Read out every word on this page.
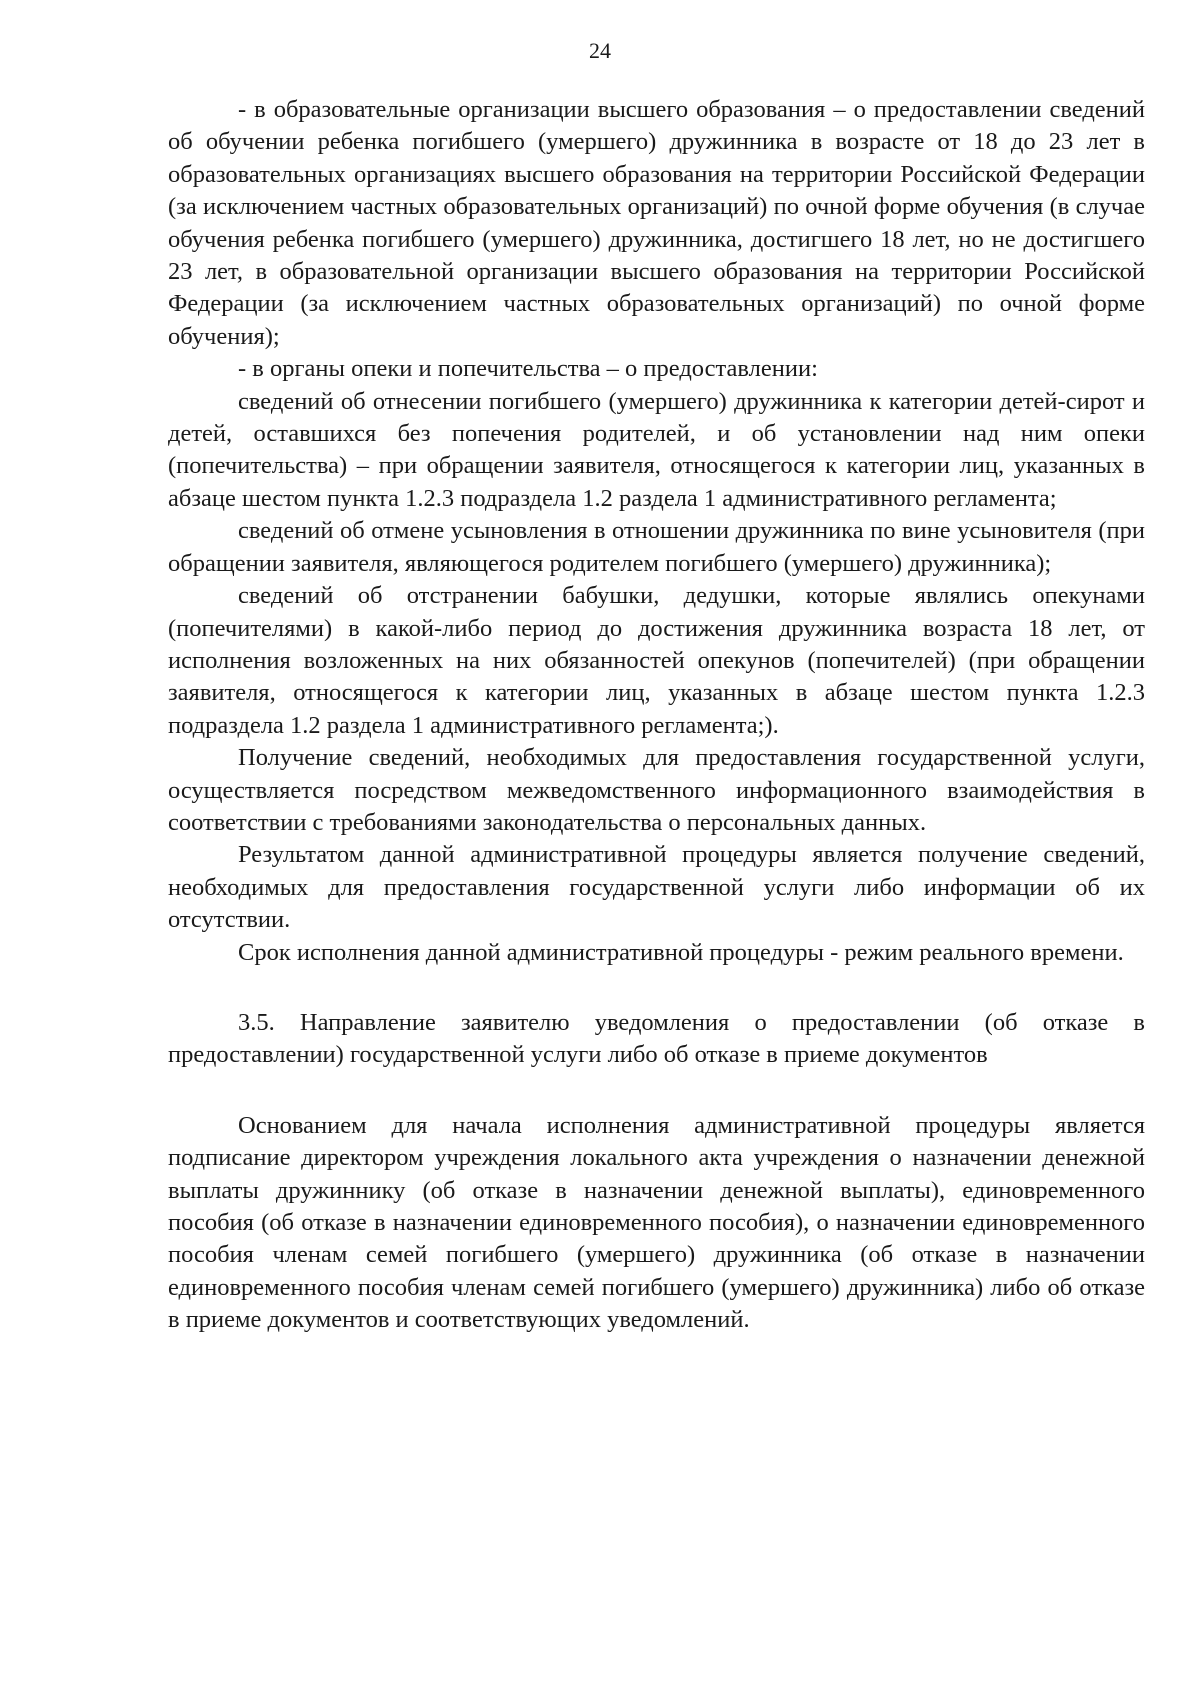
24

- в образовательные организации высшего образования – о предоставлении сведений об обучении ребенка погибшего (умершего) дружинника в возрасте от 18 до 23 лет в образовательных организациях высшего образования на территории Российской Федерации (за исключением частных образовательных организаций) по очной форме обучения (в случае обучения ребенка погибшего (умершего) дружинника, достигшего 18 лет, но не достигшего 23 лет, в образовательной организации высшего образования на территории Российской Федерации (за исключением частных образовательных организаций) по очной форме обучения);

- в органы опеки и попечительства – о предоставлении:

сведений об отнесении погибшего (умершего) дружинника к категории детей-сирот и детей, оставшихся без попечения родителей, и об установлении над ним опеки (попечительства) – при обращении заявителя, относящегося к категории лиц, указанных в абзаце шестом пункта 1.2.3 подраздела 1.2 раздела 1 административного регламента;

сведений об отмене усыновления в отношении дружинника по вине усыновителя (при обращении заявителя, являющегося родителем погибшего (умершего) дружинника);

сведений об отстранении бабушки, дедушки, которые являлись опекунами (попечителями) в какой-либо период до достижения дружинника возраста 18 лет, от исполнения возложенных на них обязанностей опекунов (попечителей) (при обращении заявителя, относящегося к категории лиц, указанных в абзаце шестом пункта 1.2.3 подраздела 1.2 раздела 1 административного регламента;).

Получение сведений, необходимых для предоставления государственной услуги, осуществляется посредством межведомственного информационного взаимодействия в соответствии с требованиями законодательства о персональных данных.

Результатом данной административной процедуры является получение сведений, необходимых для предоставления государственной услуги либо информации об их отсутствии.

Срок исполнения данной административной процедуры - режим реального времени.

3.5. Направление заявителю уведомления о предоставлении (об отказе в предоставлении) государственной услуги либо об отказе в приеме документов

Основанием для начала исполнения административной процедуры является подписание директором учреждения локального акта учреждения о назначении денежной выплаты дружиннику (об отказе в назначении денежной выплаты), единовременного пособия (об отказе в назначении единовременного пособия), о назначении единовременного пособия членам семей погибшего (умершего) дружинника (об отказе в назначении единовременного пособия членам семей погибшего (умершего) дружинника) либо об отказе в приеме документов и соответствующих уведомлений.
